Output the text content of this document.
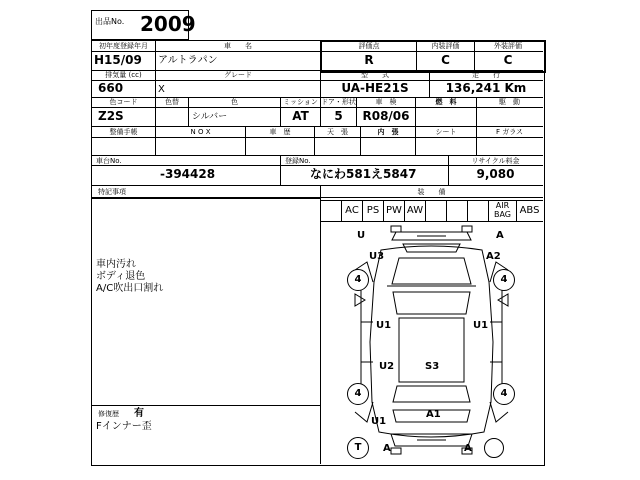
出品No. 2009
初年度登録年月
H15/09
車　　名
アルトラパン
評価点
R
内装評価
C
外装評価
C
排気量 (cc)
660
グレード
X
型　　式
UA-HE21S
走　　行
136,241 Km
色コード
Z2S
色替	色
シルバー
ミッション
AT
ドア・形状
5
車　検
R08/06
燃　料	駆　動
整備手帳	N O X	車　歴	天　張	内　張	シート	F ガラス
車台No.
-394428
登録No.
なにわ581え5847
リサイクル料金
9,080
特記事項
車内汚れ
ボディ退色
A/C吹出口割れ
修復歴 有
Fインナー歪
装　　備
AC PS PW AW	AIR BAG ABS
4	4
4	4
T
U	A
U3	A2
U1	U1
U2	S3
A1
U1
A	A
